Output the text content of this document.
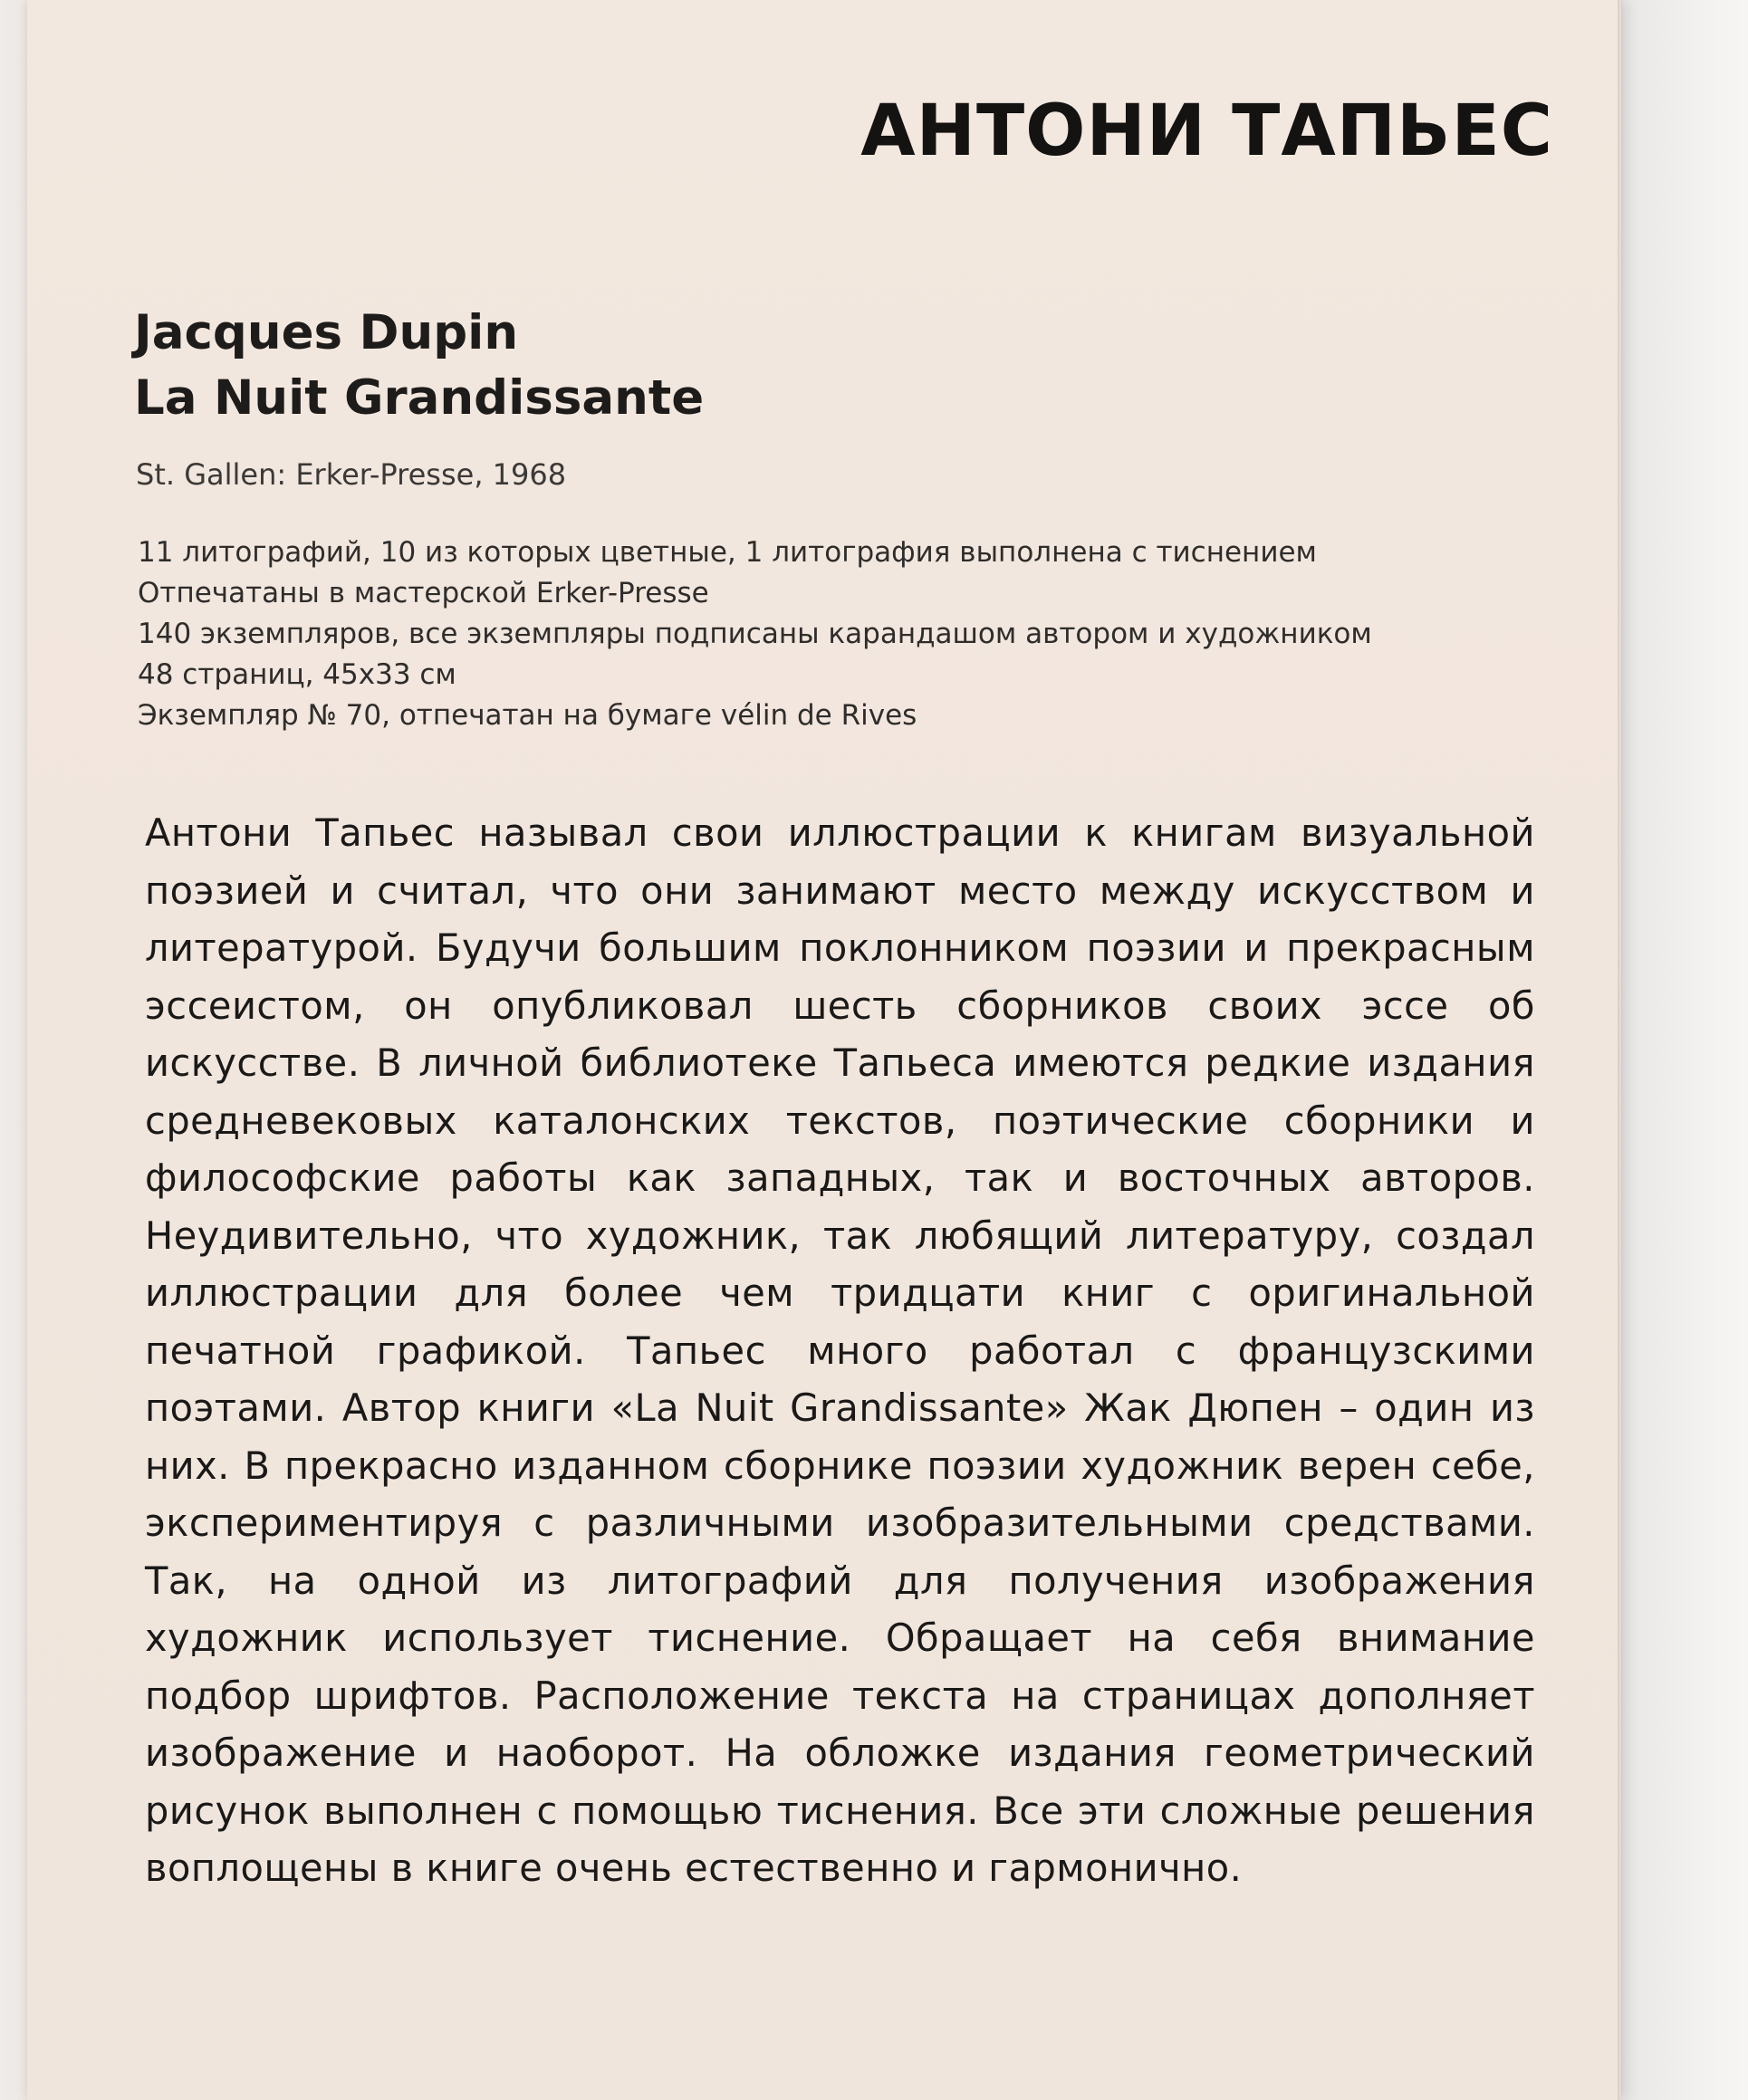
АНТОНИ ТАПЬЕС
Jacques Dupin
La Nuit Grandissante

St. Gallen: Erker-Presse, 1968

11 литографий, 10 из которых цветные, 1 литография выполнена с тиснением
Отпечатаны в мастерской Erker-Presse
140 экземпляров, все экземпляры подписаны карандашом автором и художником
48 страниц, 45х33 см
Экземпляр № 70, отпечатан на бумаге vélin de Rives

Антони Тапьес называл свои иллюстрации к книгам визуальной поэзией и считал, что они занимают место между искусством и литературой. Будучи большим поклонником поэзии и прекрасным эссеистом, он опубликовал шесть сборников своих эссе об искусстве. В личной библиотеке Тапьеса имеются редкие издания средневековых каталонских текстов, поэтические сборники и философские работы как западных, так и восточных авторов. Неудивительно, что художник, так любящий литературу, создал иллюстрации для более чем тридцати книг с оригинальной печатной графикой. Тапьес много работал с французскими поэтами. Автор книги «La Nuit Grandissante» Жак Дюпен – один из них. В прекрасно изданном сборнике поэзии художник верен себе, экспериментируя с различными изобразительными средствами. Так, на одной из литографий для получения изображения художник использует тиснение. Обращает на себя внимание подбор шрифтов. Расположение текста на страницах дополняет изображение и наоборот. На обложке издания геометрический рисунок выполнен с помощью тиснения. Все эти сложные решения воплощены в книге очень естественно и гармонично.
